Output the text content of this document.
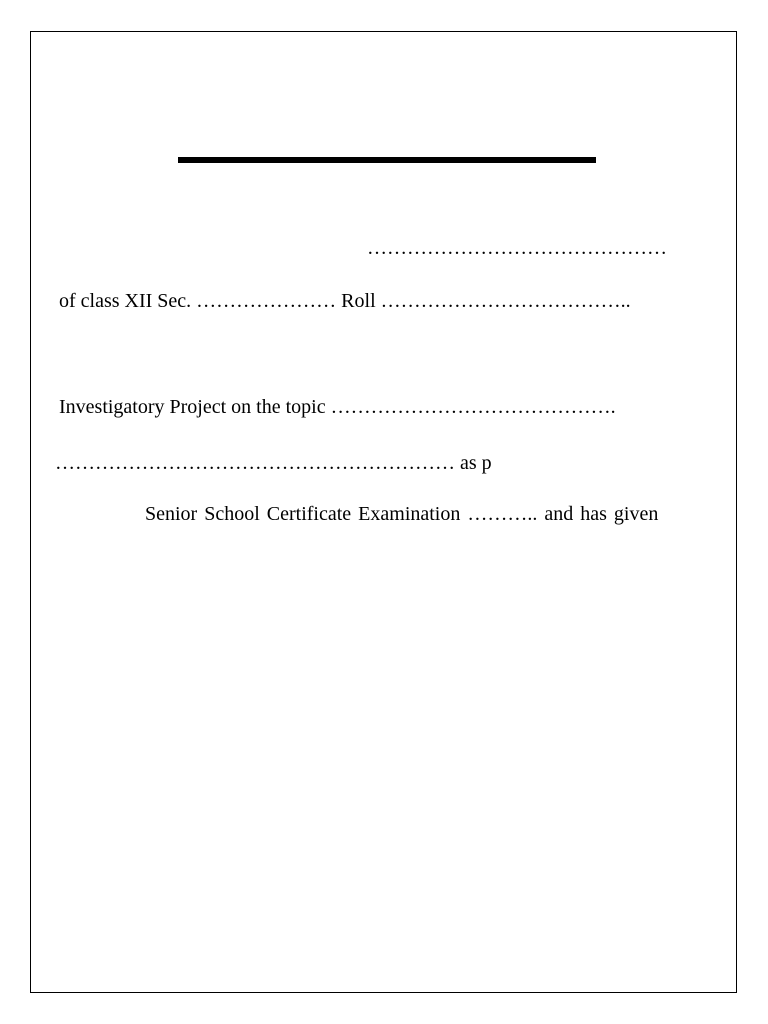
………………………………………
of class XII Sec. ………………… Roll ………………………………..
Investigatory Project on the topic …………………………………….
…………………………………………………… as p
Senior School Certificate Examination ……….. and has given
